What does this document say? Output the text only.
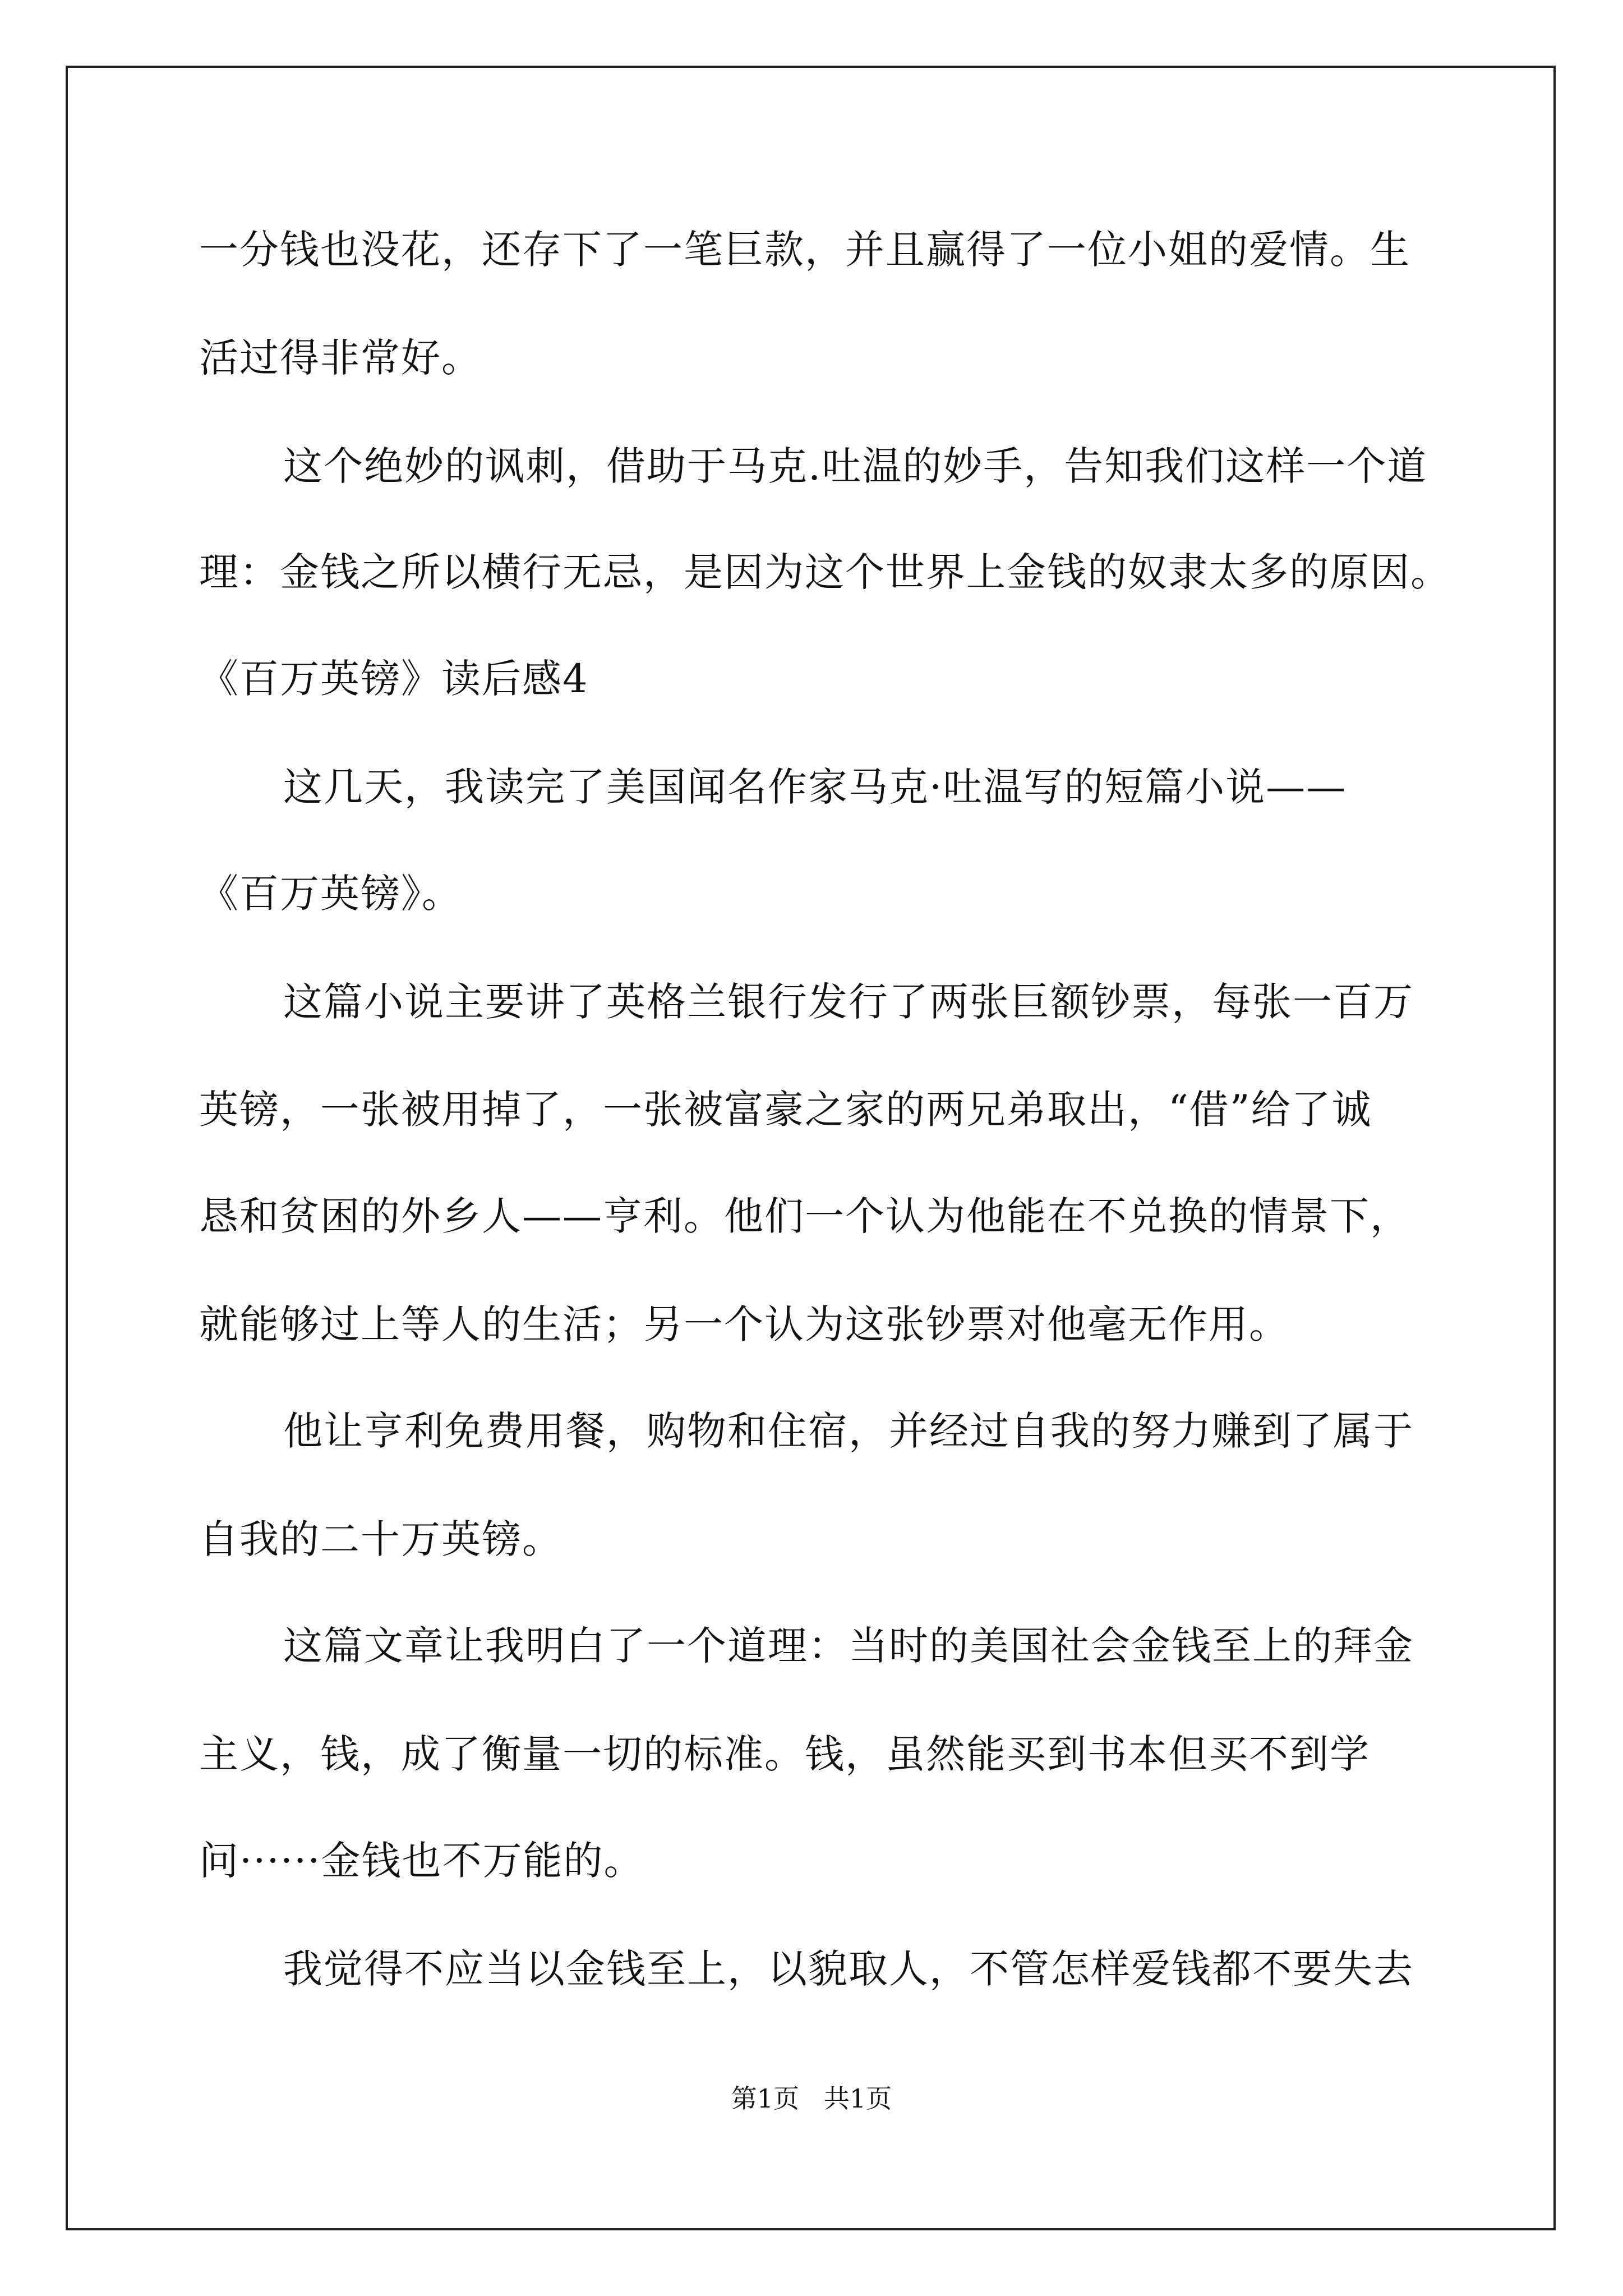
一分钱也没花，还存下了一笔巨款，并且赢得了一位小姐的爱情。生

活过得非常好。

这个绝妙的讽刺，借助于马克.吐温的妙手，告知我们这样一个道

理：金钱之所以横行无忌，是因为这个世界上金钱的奴隶太多的原因。

《百万英镑》读后感4

这几天，我读完了美国闻名作家马克·吐温写的短篇小说——

《百万英镑》。

这篇小说主要讲了英格兰银行发行了两张巨额钞票，每张一百万

英镑，一张被用掉了，一张被富豪之家的两兄弟取出，“借”给了诚

恳和贫困的外乡人——亨利。他们一个认为他能在不兑换的情景下，

就能够过上等人的生活；另一个认为这张钞票对他毫无作用。

他让亨利免费用餐，购物和住宿，并经过自我的努力赚到了属于

自我的二十万英镑。

这篇文章让我明白了一个道理：当时的美国社会金钱至上的拜金

主义，钱，成了衡量一切的标准。钱，虽然能买到书本但买不到学

问······金钱也不万能的。

我觉得不应当以金钱至上，以貌取人，不管怎样爱钱都不要失去

第1页   共1页
